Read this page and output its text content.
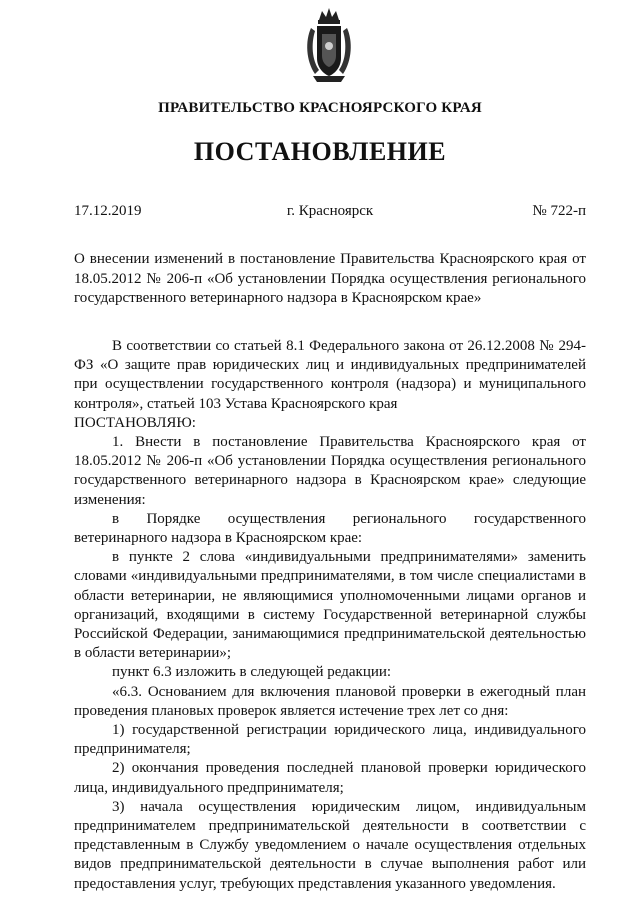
ПРАВИТЕЛЬСТВО КРАСНОЯРСКОГО КРАЯ
ПОСТАНОВЛЕНИЕ
17.12.2019	г. Красноярск	№ 722-п
О внесении изменений в постановление Правительства Красноярского края от 18.05.2012 № 206-п «Об установлении Порядка осуществления регионального государственного ветеринарного надзора в Красноярском крае»

В соответствии со статьей 8.1 Федерального закона от 26.12.2008 № 294-ФЗ «О защите прав юридических лиц и индивидуальных предпринимателей при осуществлении государственного контроля (надзора) и муниципального контроля», статьей 103 Устава Красноярского края

ПОСТАНОВЛЯЮ:

1. Внести в постановление Правительства Красноярского края от 18.05.2012 № 206-п «Об установлении Порядка осуществления регионального государственного ветеринарного надзора в Красноярском крае» следующие изменения:

в Порядке осуществления регионального государственного ветеринарного надзора в Красноярском крае:

в пункте 2 слова «индивидуальными предпринимателями» заменить словами «индивидуальными предпринимателями, в том числе специалистами в области ветеринарии, не являющимися уполномоченными лицами органов и организаций, входящими в систему Государственной ветеринарной службы Российской Федерации, занимающимися предпринимательской деятельностью в области ветеринарии»;

пункт 6.3 изложить в следующей редакции:

«6.3. Основанием для включения плановой проверки в ежегодный план проведения плановых проверок является истечение трех лет со дня:

1) государственной регистрации юридического лица, индивидуального предпринимателя;

2) окончания проведения последней плановой проверки юридического лица, индивидуального предпринимателя;

3) начала осуществления юридическим лицом, индивидуальным предпринимателем предпринимательской деятельности в соответствии с представленным в Службу уведомлением о начале осуществления отдельных видов предпринимательской деятельности в случае выполнения работ или предоставления услуг, требующих представления указанного уведомления.
